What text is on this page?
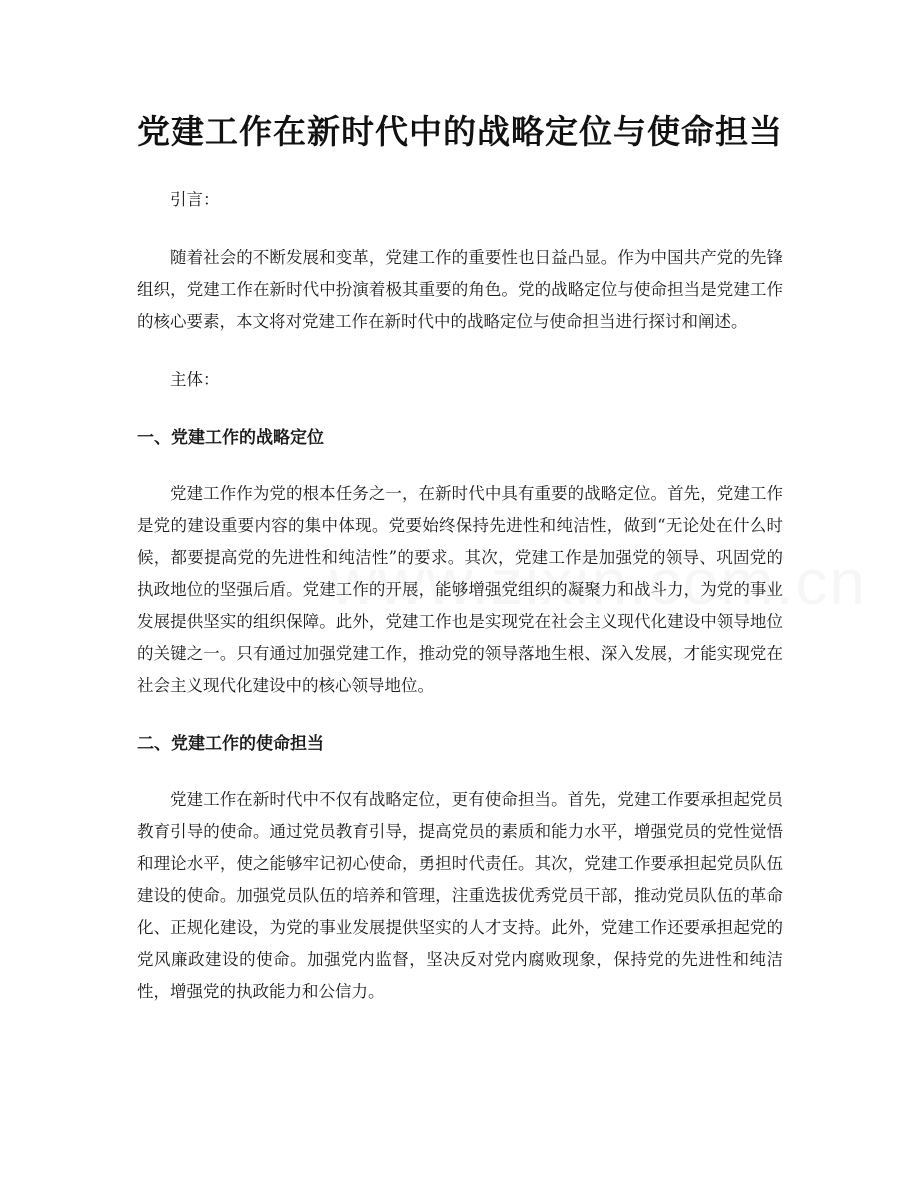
党建工作在新时代中的战略定位与使命担当

引言：

随着社会的不断发展和变革，党建工作的重要性也日益凸显。作为中国共产党的先锋组织，党建工作在新时代中扮演着极其重要的角色。党的战略定位与使命担当是党建工作的核心要素，本文将对党建工作在新时代中的战略定位与使命担当进行探讨和阐述。

主体：

一、党建工作的战略定位

党建工作作为党的根本任务之一，在新时代中具有重要的战略定位。首先，党建工作是党的建设重要内容的集中体现。党要始终保持先进性和纯洁性，做到“无论处在什么时候，都要提高党的先进性和纯洁性”的要求。其次，党建工作是加强党的领导、巩固党的执政地位的坚强后盾。党建工作的开展，能够增强党组织的凝聚力和战斗力，为党的事业发展提供坚实的组织保障。此外，党建工作也是实现党在社会主义现代化建设中领导地位的关键之一。只有通过加强党建工作，推动党的领导落地生根、深入发展，才能实现党在社会主义现代化建设中的核心领导地位。

二、党建工作的使命担当

党建工作在新时代中不仅有战略定位，更有使命担当。首先，党建工作要承担起党员教育引导的使命。通过党员教育引导，提高党员的素质和能力水平，增强党员的党性觉悟和理论水平，使之能够牢记初心使命，勇担时代责任。其次，党建工作要承担起党员队伍建设的使命。加强党员队伍的培养和管理，注重选拔优秀党员干部，推动党员队伍的革命化、正规化建设，为党的事业发展提供坚实的人才支持。此外，党建工作还要承担起党的党风廉政建设的使命。加强党内监督，坚决反对党内腐败现象，保持党的先进性和纯洁性，增强党的执政能力和公信力。
